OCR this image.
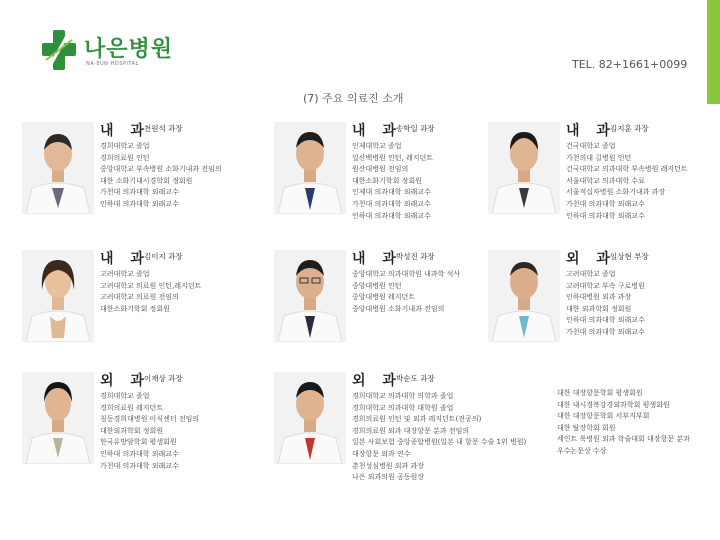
나은병원
NA-EUN HOSPITAL	TEL. 82+1661+0099
(7) 주요 의료진 소개
내 과
천원석 과장
경희대학교 졸업
경희의료원 인턴
중앙대학교 부속병원 소화기내과 전임의
대한 소화기내시경학회 정회원
가천대 의과대학 외래교수
인하대 의과대학 외래교수
내 과
송학일 과장
인제대학교 졸업
일산백병원 인턴, 레지던트
원산대병원 전임의
대한소화기학회 정회원
인제대 의과대학 외래교수
가천대 의과대학 외래교수
인하대 의과대학 외래교수
내 과
김지훈 과장
건국대학교 졸업
가천의대 길병원 인턴
건국대학교 의과대학 부속병원 레지던트
서울대학교 의과대학 수료
서울적십자병원 소화기내과 과장
가천대 의과대학 외래교수
인하대 의과대학 외래교수
내 과
김이지 과장
고려대학교 졸업
고려대학교 의료원 인턴,레지던트
고려대학교 의료원 전임의
대한소화기학회 정회원
내 과
박성진 과장
중앙대학교 의과대학원 내과학 석사
중앙대병원 인턴
중앙대병원 레지던트
중앙대병원 소화기내과 전임의
외 과
임상현 부장
고려대학교 졸업
고려대학교 부속 구로병원
인하대병원 외과 과장
대한 외과학회 정회원
인하대 의과대학 외래교수
가천대 의과대학 외래교수
외 과
이재상 과장
경희대학교 졸업
경희의료원 레지던트
칭동경희대병원 이식센터 전임의
대한외과학회 정회원
한국유방암학회 평생회원
인하대 의과대학 외래교수
가천대 의과대학 외래교수
외 과
박순도 과장
경희대학교 의과대학 의학과 졸업
경희대학교 의과대학 대학원 졸업
경희의료원 인턴 및 외과 레지던트(전공의)
경희의료원 외과 대장항문 분과 전임의
일본 사회보험 중앙종합병원(일본 내 항문 수술 1위 병원)
대장항문 외과 연수
춘천성심병원 외과 과장
나은 외과의원 공동원장
대한 대장항문학회 평생회원
대한 내시경복강경외과학회 평생회원
대한 대장항문학회 서부지부회
대한 탈장학회 회원
세인트 룩병원 외과 학술대회 대장항문 분과
우수논문상 수상
